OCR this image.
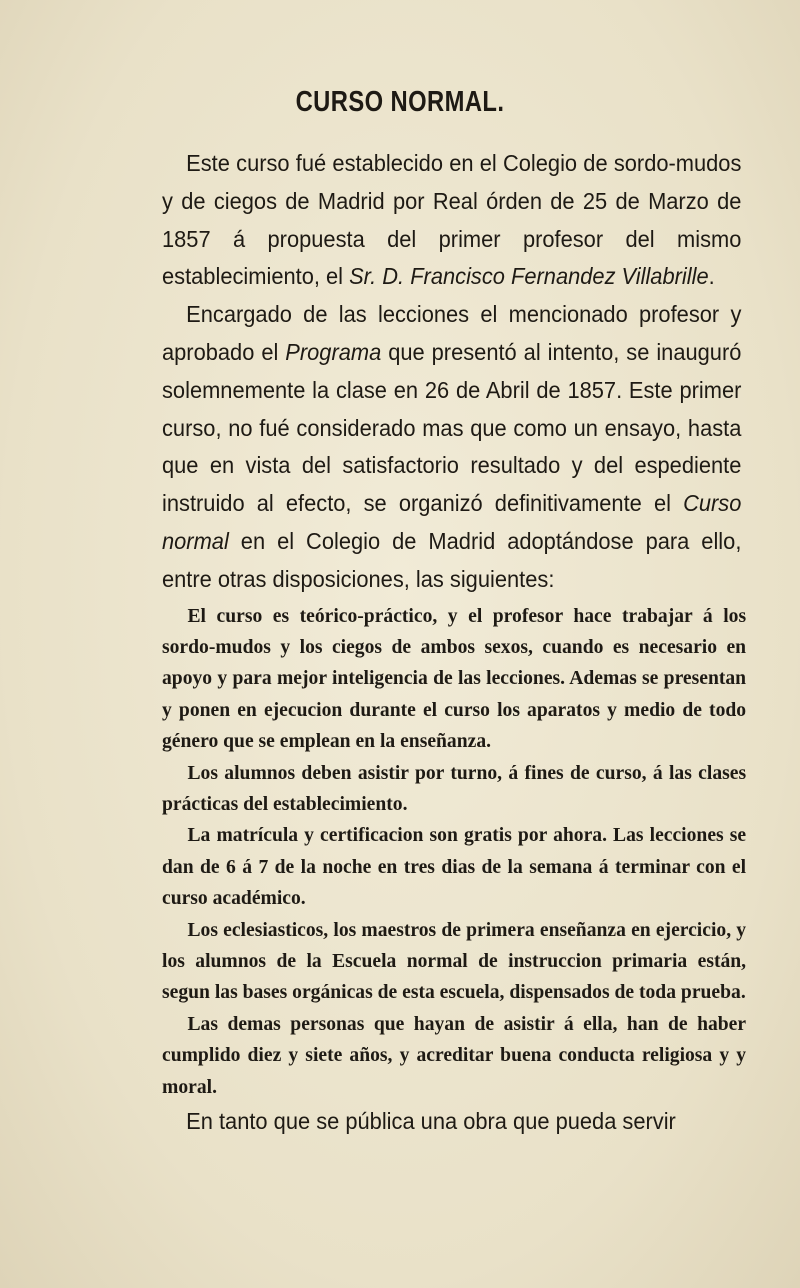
CURSO NORMAL.

Este curso fué establecido en el Colegio de sordo-mudos y de ciegos de Madrid por Real órden de 25 de Marzo de 1857 á propuesta del primer profesor del mismo establecimiento, el Sr. D. Francisco Fernandez Villabrille.

Encargado de las lecciones el mencionado profesor y aprobado el Programa que presentó al intento, se inauguró solemnemente la clase en 26 de Abril de 1857. Este primer curso, no fué considerado mas que como un ensayo, hasta que en vista del satisfactorio resultado y del espediente instruido al efecto, se organizó definitivamente el Curso normal en el Colegio de Madrid adoptándose para ello, entre otras disposiciones, las siguientes:

El curso es teórico-práctico, y el profesor hace trabajar á los sordo-mudos y los ciegos de ambos sexos, cuando es necesario en apoyo y para mejor inteligencia de las lecciones. Ademas se presentan y ponen en ejecucion durante el curso los aparatos y medio de todo género que se emplean en la enseñanza.

Los alumnos deben asistir por turno, á fines de curso, á las clases prácticas del establecimiento.

La matrícula y certificacion son gratis por ahora. Las lecciones se dan de 6 á 7 de la noche en tres dias de la semana á terminar con el curso académico.

Los eclesiasticos, los maestros de primera enseñanza en ejercicio, y los alumnos de la Escuela normal de instruccion primaria están, segun las bases orgánicas de esta escuela, dispensados de toda prueba.

Las demas personas que hayan de asistir á ella, han de haber cumplido diez y siete años, y acreditar buena conducta religiosa y y moral.

En tanto que se pública una obra que pueda servir
